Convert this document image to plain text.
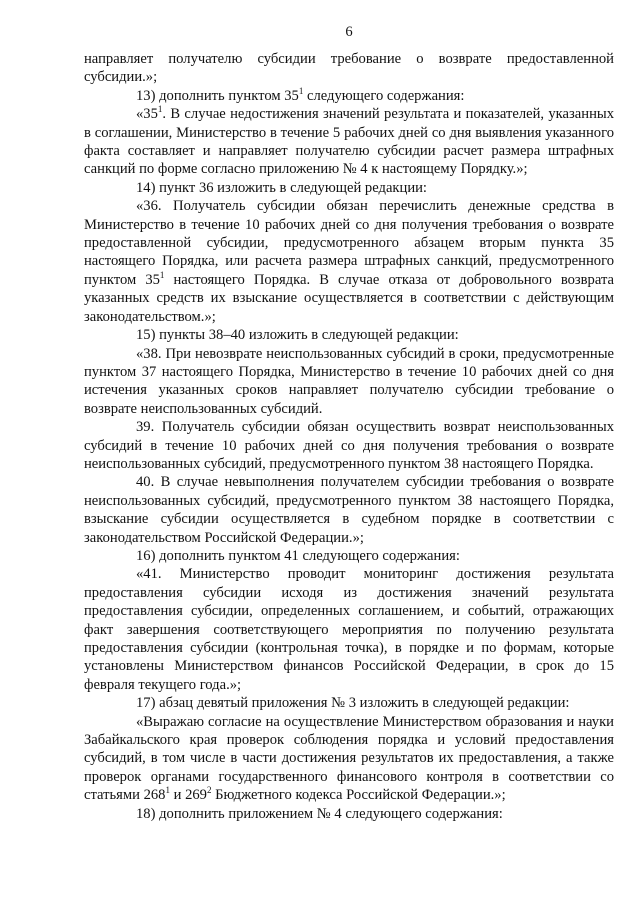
6

направляет получателю субсидии требование о возврате предоставленной субсидии.»;

13) дополнить пунктом $35^1$ следующего содержания:

«$35^1$. В случае недостижения значений результата и показателей, указанных в соглашении, Министерство в течение 5 рабочих дней со дня выявления указанного факта составляет и направляет получателю субсидии расчет размера штрафных санкций по форме согласно приложению № 4 к настоящему Порядку.»;

14) пункт 36 изложить в следующей редакции:

«36. Получатель субсидии обязан перечислить денежные средства в Министерство в течение 10 рабочих дней со дня получения требования о возврате предоставленной субсидии, предусмотренного абзацем вторым пункта 35 настоящего Порядка, или расчета размера штрафных санкций, предусмотренного пунктом $35^1$ настоящего Порядка. В случае отказа от добровольного возврата указанных средств их взыскание осуществляется в соответствии с действующим законодательством.»;

15) пункты 38–40 изложить в следующей редакции:

«38. При невозврате неиспользованных субсидий в сроки, предусмотренные пунктом 37 настоящего Порядка, Министерство в течение 10 рабочих дней со дня истечения указанных сроков направляет получателю субсидии требование о возврате неиспользованных субсидий.

39. Получатель субсидии обязан осуществить возврат неиспользованных субсидий в течение 10 рабочих дней со дня получения требования о возврате неиспользованных субсидий, предусмотренного пунктом 38 настоящего Порядка.

40. В случае невыполнения получателем субсидии требования о возврате неиспользованных субсидий, предусмотренного пунктом 38 настоящего Порядка, взыскание субсидии осуществляется в судебном порядке в соответствии с законодательством Российской Федерации.»;

16) дополнить пунктом 41 следующего содержания:

«41. Министерство проводит мониторинг достижения результата предоставления субсидии исходя из достижения значений результата предоставления субсидии, определенных соглашением, и событий, отражающих факт завершения соответствующего мероприятия по получению результата предоставления субсидии (контрольная точка), в порядке и по формам, которые установлены Министерством финансов Российской Федерации, в срок до 15 февраля текущего года.»;

17) абзац девятый приложения № 3 изложить в следующей редакции:

«Выражаю согласие на осуществление Министерством образования и науки Забайкальского края проверок соблюдения порядка и условий предоставления субсидий, в том числе в части достижения результатов их предоставления, а также проверок органами государственного финансового контроля в соответствии со статьями $268^1$ и $269^2$ Бюджетного кодекса Российской Федерации.»;

18) дополнить приложением № 4 следующего содержания:
